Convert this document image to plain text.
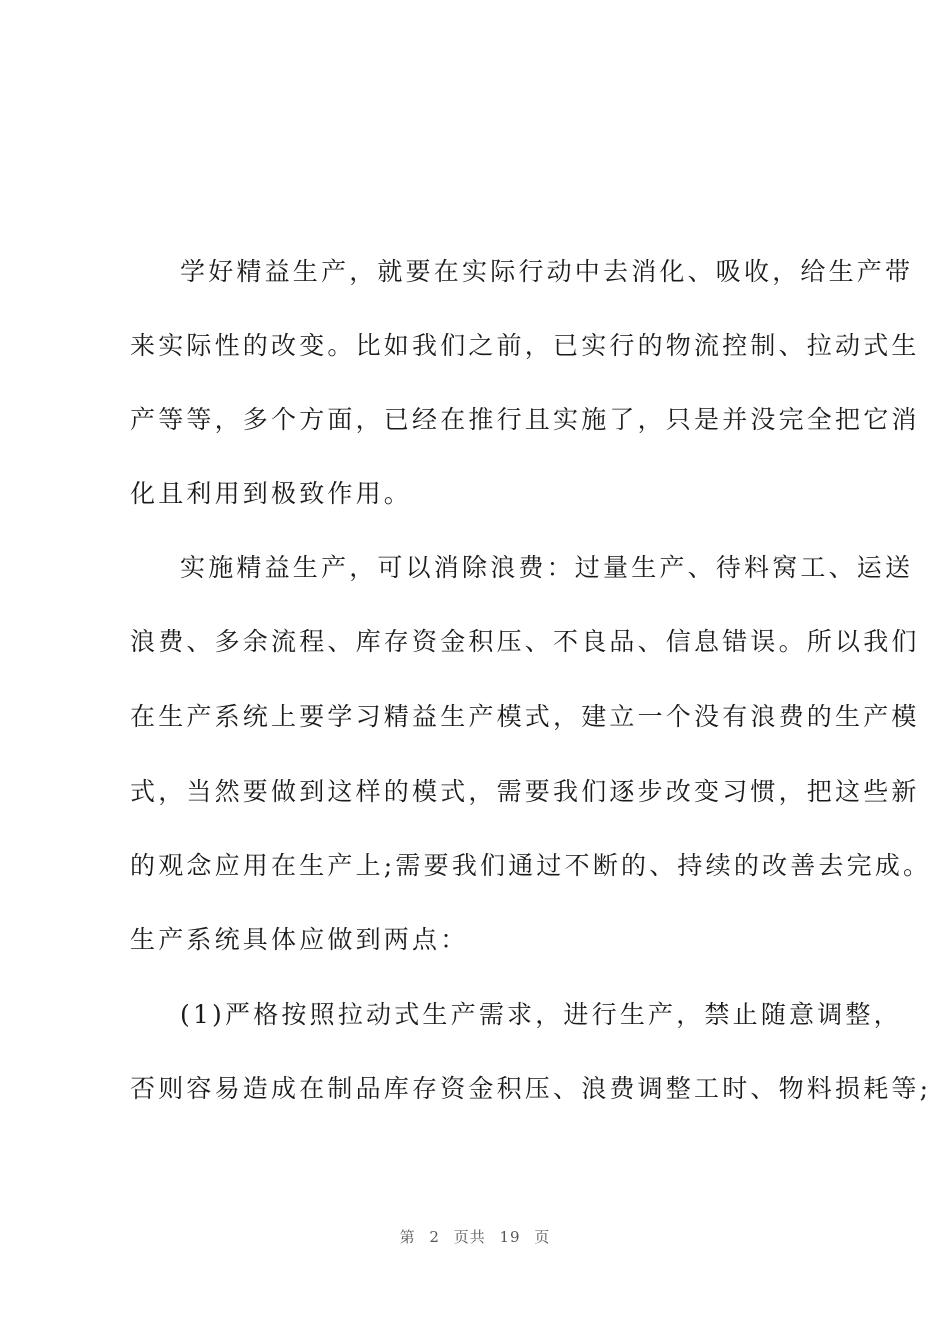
学好精益生产，就要在实际行动中去消化、吸收，给生产带
来实际性的改变。比如我们之前，已实行的物流控制、拉动式生
产等等，多个方面，已经在推行且实施了，只是并没完全把它消
化且利用到极致作用。
实施精益生产，可以消除浪费：过量生产、待料窝工、运送
浪费、多余流程、库存资金积压、不良品、信息错误。所以我们
在生产系统上要学习精益生产模式，建立一个没有浪费的生产模
式，当然要做到这样的模式，需要我们逐步改变习惯，把这些新
的观念应用在生产上;需要我们通过不断的、持续的改善去完成。
生产系统具体应做到两点：
(1)严格按照拉动式生产需求，进行生产，禁止随意调整，
否则容易造成在制品库存资金积压、浪费调整工时、物料损耗等;
第 2 页共 19 页
